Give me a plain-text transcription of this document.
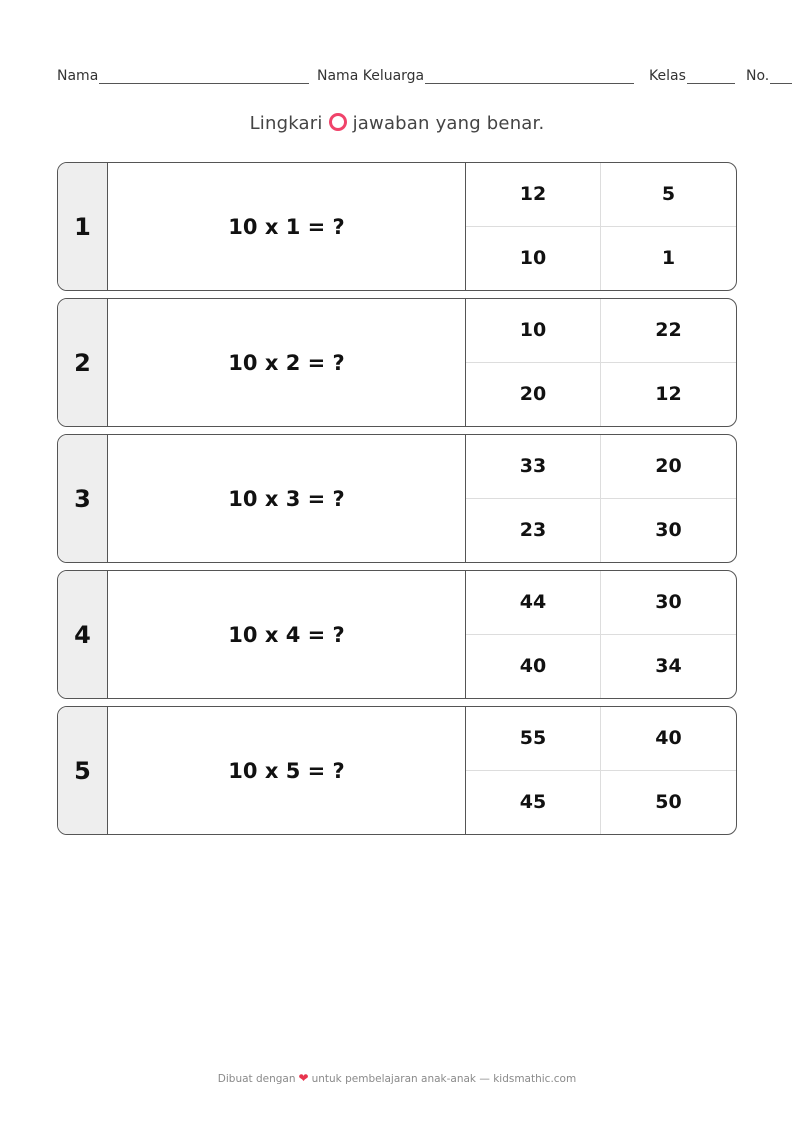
Nama	Nama Keluarga	Kelas	No.
Lingkari jawaban yang benar.
1	10 x 1 = ?
12	5
10	1
2	10 x 2 = ?
10	22
20	12
3	10 x 3 = ?
33	20
23	30
4	10 x 4 = ?
44	30
40	34
5	10 x 5 = ?
55	40
45	50
Dibuat dengan ❤ untuk pembelajaran anak-anak — kidsmathic.com
